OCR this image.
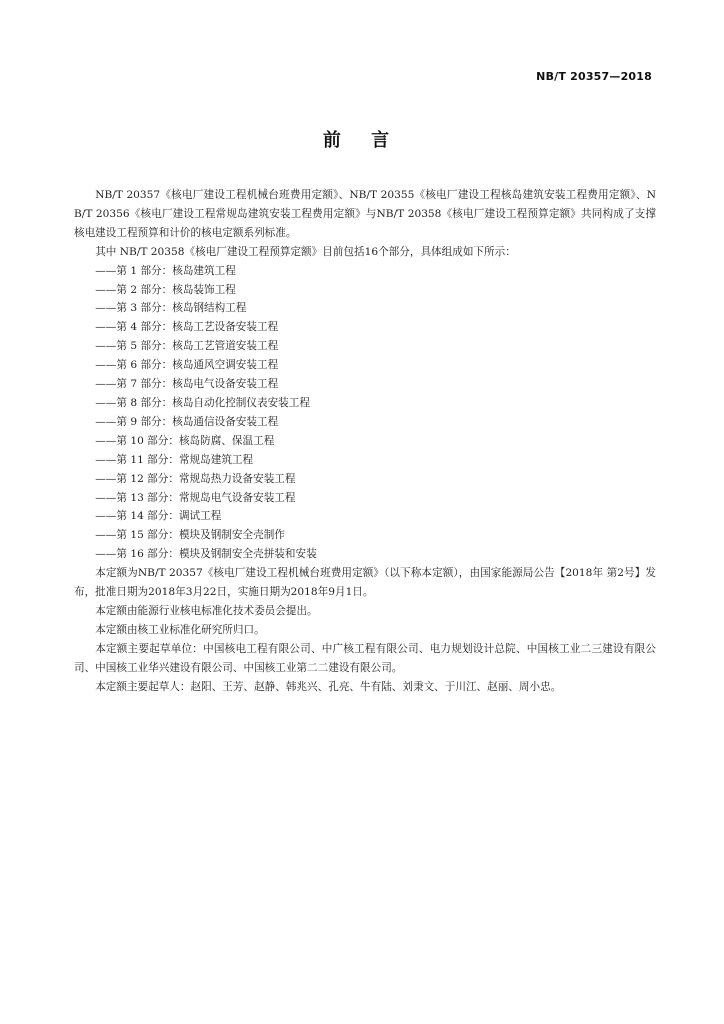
NB/T 20357—2018
前 言

NB/T 20357《核电厂建设工程机械台班费用定额》、NB/T 20355《核电厂建设工程核岛建筑安装工程费用定额》、NB/T 20356《核电厂建设工程常规岛建筑安装工程费用定额》与NB/T 20358《核电厂建设工程预算定额》共同构成了支撑核电建设工程预算和计价的核电定额系列标准。

其中 NB/T 20358《核电厂建设工程预算定额》目前包括16个部分，具体组成如下所示：

——第 1 部分：核岛建筑工程
——第 2 部分：核岛装饰工程
——第 3 部分：核岛钢结构工程
——第 4 部分：核岛工艺设备安装工程
——第 5 部分：核岛工艺管道安装工程
——第 6 部分：核岛通风空调安装工程
——第 7 部分：核岛电气设备安装工程
——第 8 部分：核岛自动化控制仪表安装工程
——第 9 部分：核岛通信设备安装工程
——第 10 部分：核岛防腐、保温工程
——第 11 部分：常规岛建筑工程
——第 12 部分：常规岛热力设备安装工程
——第 13 部分：常规岛电气设备安装工程
——第 14 部分：调试工程
——第 15 部分：模块及钢制安全壳制作
——第 16 部分：模块及钢制安全壳拼装和安装

本定额为NB/T 20357《核电厂建设工程机械台班费用定额》（以下称本定额），由国家能源局公告【2018年 第2号】发布，批准日期为2018年3月22日，实施日期为2018年9月1日。

本定额由能源行业核电标准化技术委员会提出。

本定额由核工业标准化研究所归口。

本定额主要起草单位：中国核电工程有限公司、中广核工程有限公司、电力规划设计总院、中国核工业二三建设有限公司、中国核工业华兴建设有限公司、中国核工业第二二建设有限公司。

本定额主要起草人：赵阳、王芳、赵静、韩兆兴、孔亮、牛有陆、刘秉文、于川江、赵丽、周小忠。
